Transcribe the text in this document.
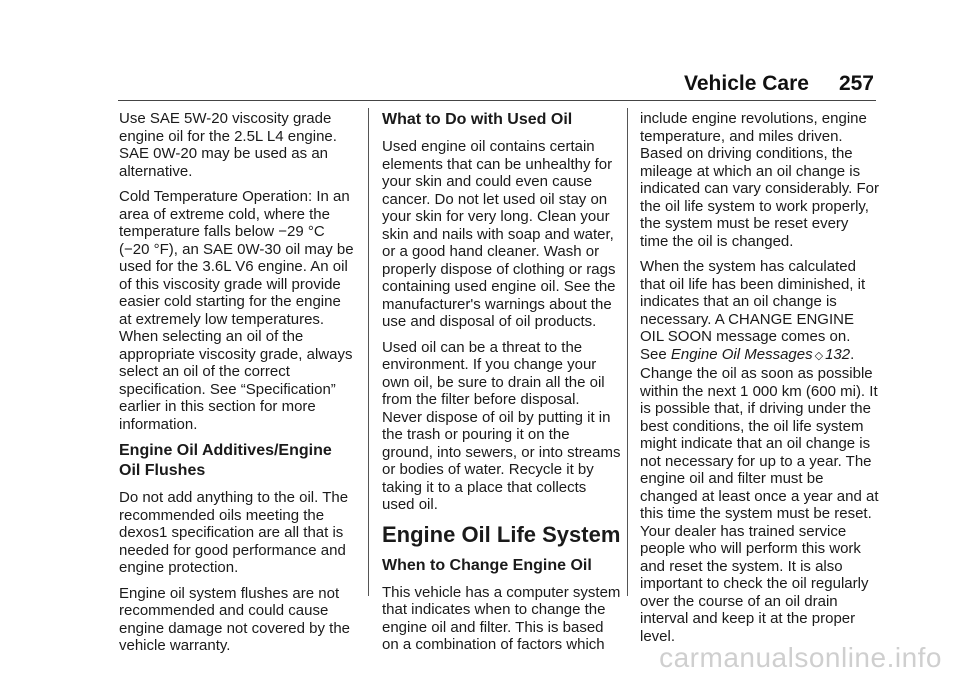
Vehicle Care 257

Use SAE 5W-20 viscosity grade engine oil for the 2.5L L4 engine. SAE 0W-20 may be used as an alternative.

Cold Temperature Operation: In an area of extreme cold, where the temperature falls below −29 °C (−20 °F), an SAE 0W-30 oil may be used for the 3.6L V6 engine. An oil of this viscosity grade will provide easier cold starting for the engine at extremely low temperatures. When selecting an oil of the appropriate viscosity grade, always select an oil of the correct specification. See “Specification” earlier in this section for more information.

Engine Oil Additives/Engine Oil Flushes

Do not add anything to the oil. The recommended oils meeting the dexos1 specification are all that is needed for good performance and engine protection.

Engine oil system flushes are not recommended and could cause engine damage not covered by the vehicle warranty.

What to Do with Used Oil

Used engine oil contains certain elements that can be unhealthy for your skin and could even cause cancer. Do not let used oil stay on your skin for very long. Clean your skin and nails with soap and water, or a good hand cleaner. Wash or properly dispose of clothing or rags containing used engine oil. See the manufacturer's warnings about the use and disposal of oil products.

Used oil can be a threat to the environment. If you change your own oil, be sure to drain all the oil from the filter before disposal. Never dispose of oil by putting it in the trash or pouring it on the ground, into sewers, or into streams or bodies of water. Recycle it by taking it to a place that collects used oil.

Engine Oil Life System
When to Change Engine Oil

This vehicle has a computer system that indicates when to change the engine oil and filter. This is based on a combination of factors which

include engine revolutions, engine temperature, and miles driven. Based on driving conditions, the mileage at which an oil change is indicated can vary considerably. For the oil life system to work properly, the system must be reset every time the oil is changed.

When the system has calculated that oil life has been diminished, it indicates that an oil change is necessary. A CHANGE ENGINE OIL SOON message comes on. See Engine Oil Messages ◇ 132. Change the oil as soon as possible within the next 1 000 km (600 mi). It is possible that, if driving under the best conditions, the oil life system might indicate that an oil change is not necessary for up to a year. The engine oil and filter must be changed at least once a year and at this time the system must be reset. Your dealer has trained service people who will perform this work and reset the system. It is also important to check the oil regularly over the course of an oil drain interval and keep it at the proper level.

carmanualsonline.info
